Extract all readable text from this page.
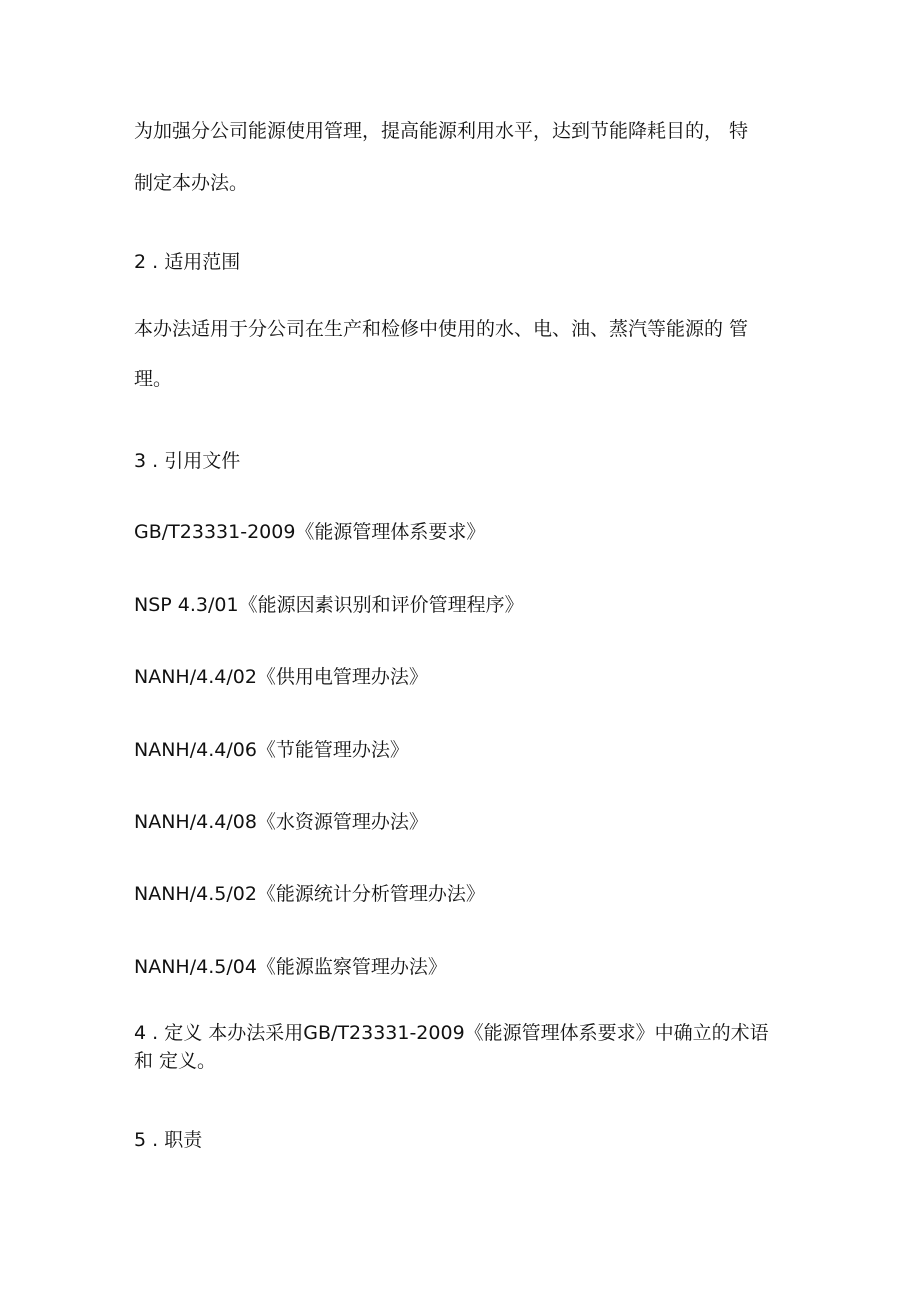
为加强分公司能源使用管理，提高能源利用水平，达到节能降耗目的， 特
制定本办法。
2 . 适用范围
本办法适用于分公司在生产和检修中使用的水、电、油、蒸汽等能源的 管
理。
3 . 引用文件
GB/T23331-2009《能源管理体系要求》
NSP 4.3/01《能源因素识别和评价管理程序》
NANH/4.4/02《供用电管理办法》
NANH/4.4/06《节能管理办法》
NANH/4.4/08《水资源管理办法》
NANH/4.5/02《能源统计分析管理办法》
NANH/4.5/04《能源监察管理办法》
4 . 定义 本办法采用GB/T23331-2009《能源管理体系要求》中确立的术语
和 定义。
5 . 职责
